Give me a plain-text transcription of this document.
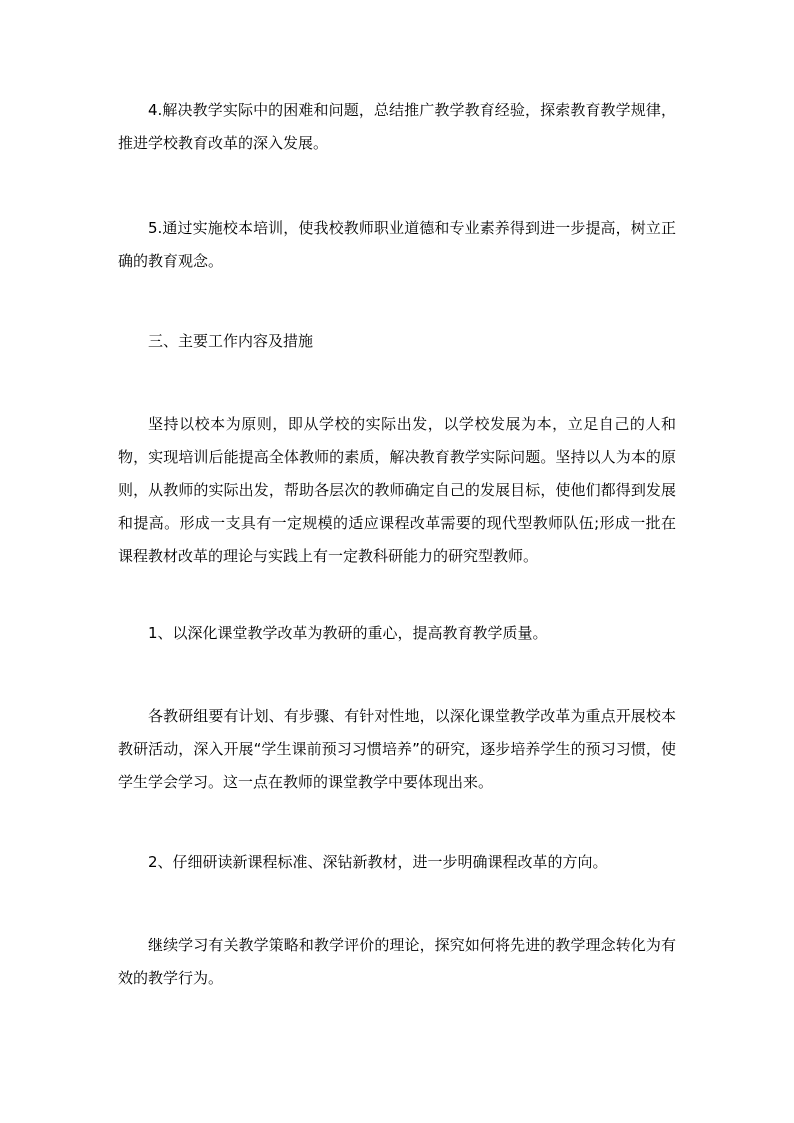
4.解决教学实际中的困难和问题，总结推广教学教育经验，探索教育教学规律，推进学校教育改革的深入发展。

5.通过实施校本培训，使我校教师职业道德和专业素养得到进一步提高，树立正确的教育观念。

三、主要工作内容及措施

坚持以校本为原则，即从学校的实际出发，以学校发展为本，立足自己的人和物，实现培训后能提高全体教师的素质，解决教育教学实际问题。坚持以人为本的原则，从教师的实际出发，帮助各层次的教师确定自己的发展目标，使他们都得到发展和提高。形成一支具有一定规模的适应课程改革需要的现代型教师队伍;形成一批在课程教材改革的理论与实践上有一定教科研能力的研究型教师。

1、以深化课堂教学改革为教研的重心，提高教育教学质量。

各教研组要有计划、有步骤、有针对性地，以深化课堂教学改革为重点开展校本教研活动，深入开展“学生课前预习习惯培养”的研究，逐步培养学生的预习习惯，使学生学会学习。这一点在教师的课堂教学中要体现出来。

2、仔细研读新课程标准、深钻新教材，进一步明确课程改革的方向。

继续学习有关教学策略和教学评价的理论，探究如何将先进的教学理念转化为有效的教学行为。
